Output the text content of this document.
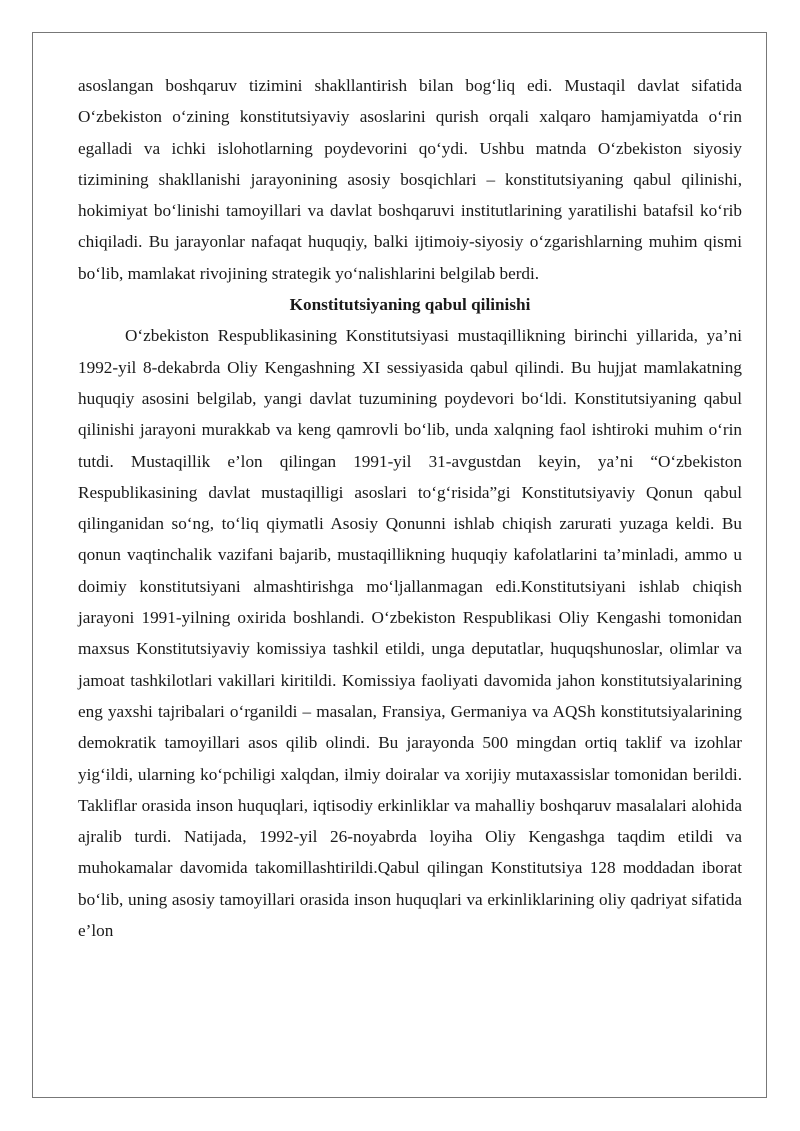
asoslangan boshqaruv tizimini shakllantirish bilan bog‘liq edi. Mustaqil davlat sifatida O‘zbekiston o‘zining konstitutsiyaviy asoslarini qurish orqali xalqaro hamjamiyatda o‘rin egalladi va ichki islohotlarning poydevorini qo‘ydi. Ushbu matnda O‘zbekiston siyosiy tizimining shakllanishi jarayonining asosiy bosqichlari – konstitutsiyaning qabul qilinishi, hokimiyat bo‘linishi tamoyillari va davlat boshqaruvi institutlarining yaratilishi batafsil ko‘rib chiqiladi. Bu jarayonlar nafaqat huquqiy, balki ijtimoiy-siyosiy o‘zgarishlarning muhim qismi bo‘lib, mamlakat rivojining strategik yo‘nalishlarini belgilab berdi.

Konstitutsiyaning qabul qilinishi

O‘zbekiston Respublikasining Konstitutsiyasi mustaqillikning birinchi yillarida, ya’ni 1992-yil 8-dekabrda Oliy Kengashning XI sessiyasida qabul qilindi. Bu hujjat mamlakatning huquqiy asosini belgilab, yangi davlat tuzumining poydevori bo‘ldi. Konstitutsiyaning qabul qilinishi jarayoni murakkab va keng qamrovli bo‘lib, unda xalqning faol ishtiroki muhim o‘rin tutdi. Mustaqillik e’lon qilingan 1991-yil 31-avgustdan keyin, ya’ni “O‘zbekiston Respublikasining davlat mustaqilligi asoslari to‘g‘risida”gi Konstitutsiyaviy Qonun qabul qilinganidan so‘ng, to‘liq qiymatli Asosiy Qonunni ishlab chiqish zarurati yuzaga keldi. Bu qonun vaqtinchalik vazifani bajarib, mustaqillikning huquqiy kafolatlarini ta’minladi, ammo u doimiy konstitutsiyani almashtirishga mo‘ljallanmagan edi.Konstitutsiyani ishlab chiqish jarayoni 1991-yilning oxirida boshlandi. O‘zbekiston Respublikasi Oliy Kengashi tomonidan maxsus Konstitutsiyaviy komissiya tashkil etildi, unga deputatlar, huquqshunoslar, olimlar va jamoat tashkilotlari vakillari kiritildi. Komissiya faoliyati davomida jahon konstitutsiyalarining eng yaxshi tajribalari o‘rganildi – masalan, Fransiya, Germaniya va AQSh konstitutsiyalarining demokratik tamoyillari asos qilib olindi. Bu jarayonda 500 mingdan ortiq taklif va izohlar yig‘ildi, ularning ko‘pchiligi xalqdan, ilmiy doiralar va xorijiy mutaxassislar tomonidan berildi. Takliflar orasida inson huquqlari, iqtisodiy erkinliklar va mahalliy boshqaruv masalalari alohida ajralib turdi. Natijada, 1992-yil 26-noyabrda loyiha Oliy Kengashga taqdim etildi va muhokamalar davomida takomillashtirildi.Qabul qilingan Konstitutsiya 128 moddadan iborat bo‘lib, uning asosiy tamoyillari orasida inson huquqlari va erkinliklarining oliy qadriyat sifatida e’lon
